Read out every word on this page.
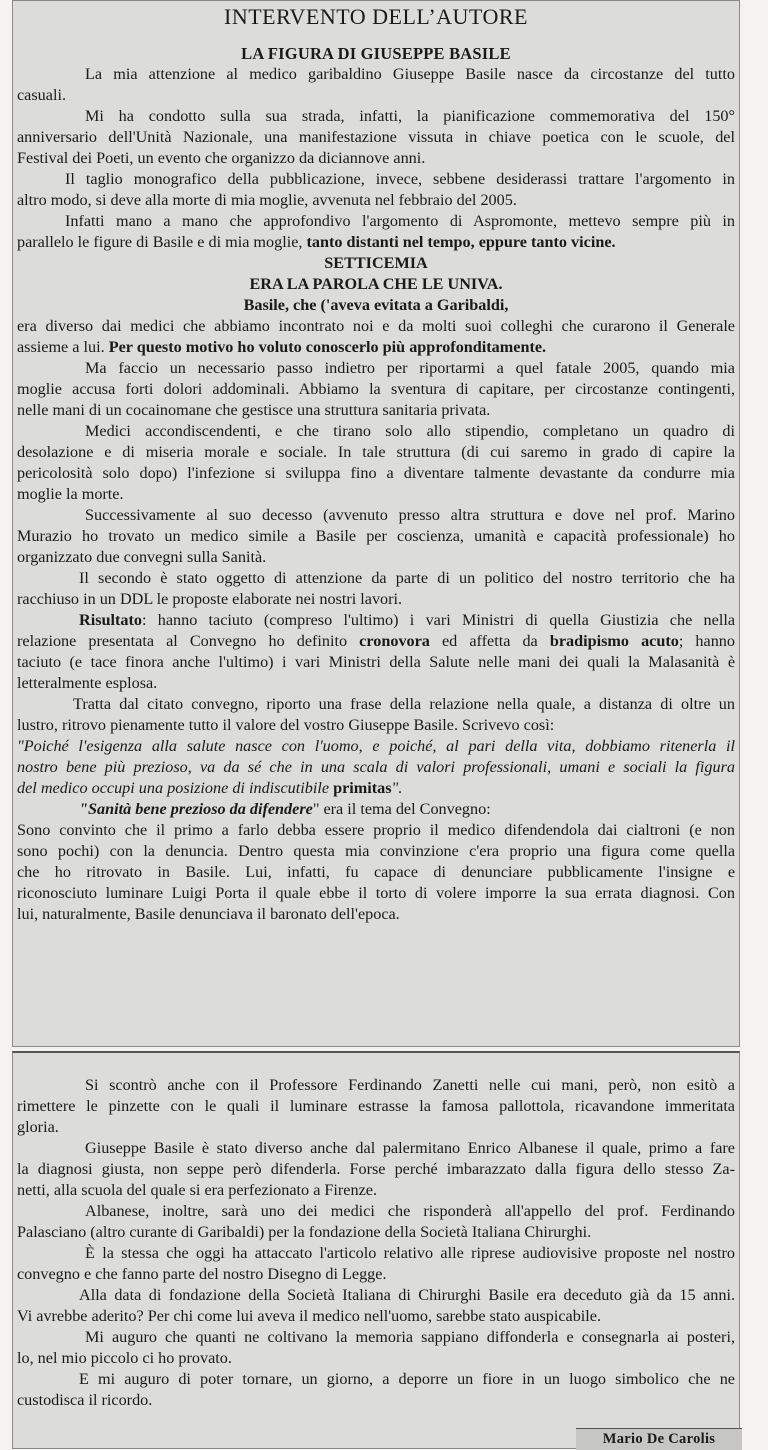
INTERVENTO DELL’AUTORE
LA FIGURA DI GIUSEPPE BASILE
La mia attenzione al medico garibaldino Giuseppe Basile nasce da circostanze del tutto
casuali.
Mi ha condotto sulla sua strada, infatti, la pianificazione commemorativa del 150°
anniversario dell'Unità Nazionale, una manifestazione vissuta in chiave poetica con le scuole, del
Festival dei Poeti, un evento che organizzo da diciannove anni.
Il taglio monografico della pubblicazione, invece, sebbene desiderassi trattare l'argomento in
altro modo, si deve alla morte di mia moglie, avvenuta nel febbraio del 2005.
Infatti mano a mano che approfondivo l'argomento di Aspromonte, mettevo sempre più in
parallelo le figure di Basile e di mia moglie, tanto distanti nel tempo, eppure tanto vicine.
SETTICEMIA
ERA LA PAROLA CHE LE UNIVA.
Basile, che ('aveva evitata a Garibaldi,
era diverso dai medici che abbiamo incontrato noi e da molti suoi colleghi che curarono il Generale
assieme a lui. Per questo motivo ho voluto conoscerlo più approfonditamente.
Ma faccio un necessario passo indietro per riportarmi a quel fatale 2005, quando mia
moglie accusa forti dolori addominali. Abbiamo la sventura di capitare, per circostanze contingenti,
nelle mani di un cocainomane che gestisce una struttura sanitaria privata.
Medici accondiscendenti, e che tirano solo allo stipendio, completano un quadro di
desolazione e di miseria morale e sociale. In tale struttura (di cui saremo in grado di capire la
pericolosità solo dopo) l'infezione si sviluppa fino a diventare talmente devastante da condurre mia
moglie la morte.
Successivamente al suo decesso (avvenuto presso altra struttura e dove nel prof. Marino
Murazio ho trovato un medico simile a Basile per coscienza, umanità e capacità professionale) ho
organizzato due convegni sulla Sanità.
Il secondo è stato oggetto di attenzione da parte di un politico del nostro territorio che ha
racchiuso in un DDL le proposte elaborate nei nostri lavori.
Risultato: hanno taciuto (compreso l'ultimo) i vari Ministri di quella Giustizia che nella
relazione presentata al Convegno ho definito cronovora ed affetta da bradipismo acuto; hanno
taciuto (e tace finora anche l'ultimo) i vari Ministri della Salute nelle mani dei quali la Malasanità è
letteralmente esplosa.
Tratta dal citato convegno, riporto una frase della relazione nella quale, a distanza di oltre un
lustro, ritrovo pienamente tutto il valore del vostro Giuseppe Basile. Scrivevo così:
"Poiché l'esigenza alla salute nasce con l'uomo, e poiché, al pari della vita, dobbiamo ritenerla il
nostro bene più prezioso, va da sé che in una scala di valori professionali, umani e sociali la figura
del medico occupi una posizione di indiscutibile primitas".
"Sanità bene prezioso da difendere" era il tema del Convegno:
Sono convinto che il primo a farlo debba essere proprio il medico difendendola dai cialtroni (e non
sono pochi) con la denuncia. Dentro questa mia convinzione c'era proprio una figura come quella
che ho ritrovato in Basile. Lui, infatti, fu capace di denunciare pubblicamente l'insigne e
riconosciuto luminare Luigi Porta il quale ebbe il torto di volere imporre la sua errata diagnosi. Con
lui, naturalmente, Basile denunciava il baronato dell'epoca.
Si scontrò anche con il Professore Ferdinando Zanetti nelle cui mani, però, non esitò a
rimettere le pinzette con le quali il luminare estrasse la famosa pallottola, ricavandone immeritata
gloria.
Giuseppe Basile è stato diverso anche dal palermitano Enrico Albanese il quale, primo a fare
la diagnosi giusta, non seppe però difenderla. Forse perché imbarazzato dalla figura dello stesso Za-
netti, alla scuola del quale si era perfezionato a Firenze.
Albanese, inoltre, sarà uno dei medici che risponderà all'appello del prof. Ferdinando
Palasciano (altro curante di Garibaldi) per la fondazione della Società Italiana Chirurghi.
È la stessa che oggi ha attaccato l'articolo relativo alle riprese audiovisive proposte nel nostro
convegno e che fanno parte del nostro Disegno di Legge.
Alla data di fondazione della Società Italiana di Chirurghi Basile era deceduto già da 15 anni.
Vi avrebbe aderito? Per chi come lui aveva il medico nell'uomo, sarebbe stato auspicabile.
Mi auguro che quanti ne coltivano la memoria sappiano diffonderla e consegnarla ai posteri,
lo, nel mio piccolo ci ho provato.
E mi auguro di poter tornare, un giorno, a deporre un fiore in un luogo simbolico che ne
custodisca il ricordo.
Mario De Carolis
